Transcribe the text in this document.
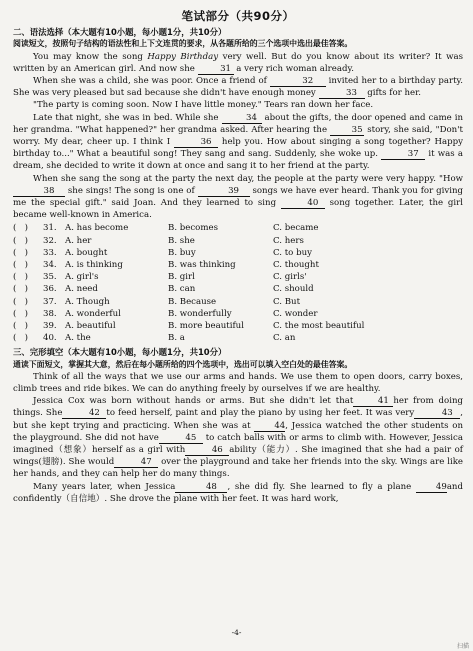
笔试部分（共90分）
二、语法选择（本大题有10小题，每小题1分，共10分）
阅读短文，按照句子结构的语法性和上下文连贯的要求，从各题所给的三个选项中选出最佳答案。

You may know the song Happy Birthday very well. But do you know about its writer? It was written by an American girl. And now she	31 a very rich woman already.

When she was a child, she was poor. Once a friend of	32 invited her to a birthday party. She was very pleased but sad because she didn't have enough money	33 gifts for her.

"The party is coming soon. Now I have little money." Tears ran down her face.

Late that night, she was in bed. While she	34 about the gifts, the door opened and came in her grandma. "What happened?" her grandma asked. After hearing the	35 story, she said, "Don't worry. My dear, cheer up. I think I	36 help you. How about singing a song together? Happy birthday to..." What a beautiful song! They sang and sang. Suddenly, she woke up.	37 it was a dream, she decided to write it down at once and sang it to her friend at the party.

When she sang the song at the party the next day, the people at the party were very happy. "How 38 she sings! The song is one of	39 songs we have ever heard. Thank you for giving me the special gift." said Joan. And they learned to sing	40 song together. Later, the girl became well-known in America.

( )	31. A. has become	B. becomes	C. became
( )	32. A. her	B. she	C. hers
( )	33. A. bought	B. buy	C. to buy
( )	34. A. is thinking	B. was thinking	C. thought
( )	35. A. girl's	B. girl	C. girls'
( )	36. A. need	B. can	C. should
( )	37. A. Though	B. Because	C. But
( )	38. A. wonderful	B. wonderfully	C. wonder
( )	39. A. beautiful	B. more beautiful	C. the most beautiful
( )	40. A. the	B. a	C. an
三、完形填空（本大题有10小题，每小题1分，共10分）
通读下面短文，掌握其大意，然后在每小题所给的四个选项中，选出可以填入空白处的最佳答案。

Think of all the ways that we use our arms and hands. We use them to open doors, carry boxes, climb trees and ride bikes. We can do anything freely by ourselves if we are healthy.

Jessica Cox was born without hands or arms. But she didn't let that	41 her from doing things. She	42 to feed herself, paint and play the piano by using her feet. It was very	43 , but she kept trying and practicing. When she was at 44, Jessica watched the other students on the playground. She did not have	45 to catch balls with or arms to climb with. However, Jessica imagined（想象）herself as a girl with	46 ability（能力）. She imagined that she had a pair of wings(翅膀). She would	47 over the playground and take her friends into the sky. Wings are like her hands, and they can help her do many things.

Many years later, when Jessica	48 , she did fly. She learned to fly a plane 49and confidently（自信地）. She drove the plane with her feet. It was hard work,

-4-
扫描
